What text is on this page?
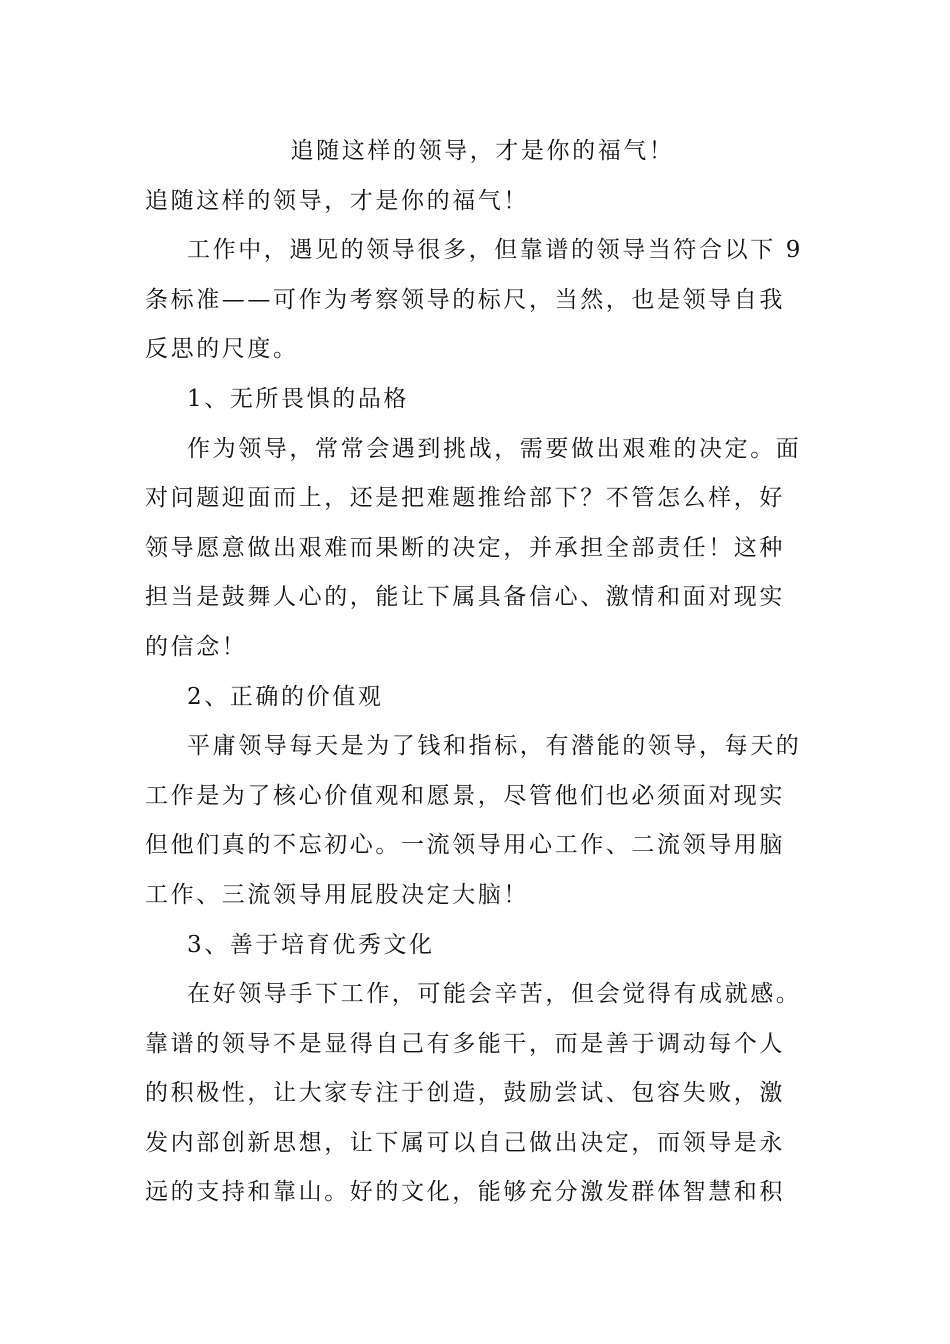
追随这样的领导，才是你的福气！
追随这样的领导，才是你的福气！
工作中，遇见的领导很多，但靠谱的领导当符合以下 9
条标准——可作为考察领导的标尺，当然，也是领导自我
反思的尺度。
1、无所畏惧的品格
作为领导，常常会遇到挑战，需要做出艰难的决定。面
对问题迎面而上，还是把难题推给部下？不管怎么样，好
领导愿意做出艰难而果断的决定，并承担全部责任！这种
担当是鼓舞人心的，能让下属具备信心、激情和面对现实
的信念！
2、正确的价值观
平庸领导每天是为了钱和指标，有潜能的领导，每天的
工作是为了核心价值观和愿景，尽管他们也必须面对现实
但他们真的不忘初心。一流领导用心工作、二流领导用脑
工作、三流领导用屁股决定大脑！
3、善于培育优秀文化
在好领导手下工作，可能会辛苦，但会觉得有成就感。
靠谱的领导不是显得自己有多能干，而是善于调动每个人
的积极性，让大家专注于创造，鼓励尝试、包容失败，激
发内部创新思想，让下属可以自己做出决定，而领导是永
远的支持和靠山。好的文化，能够充分激发群体智慧和积
